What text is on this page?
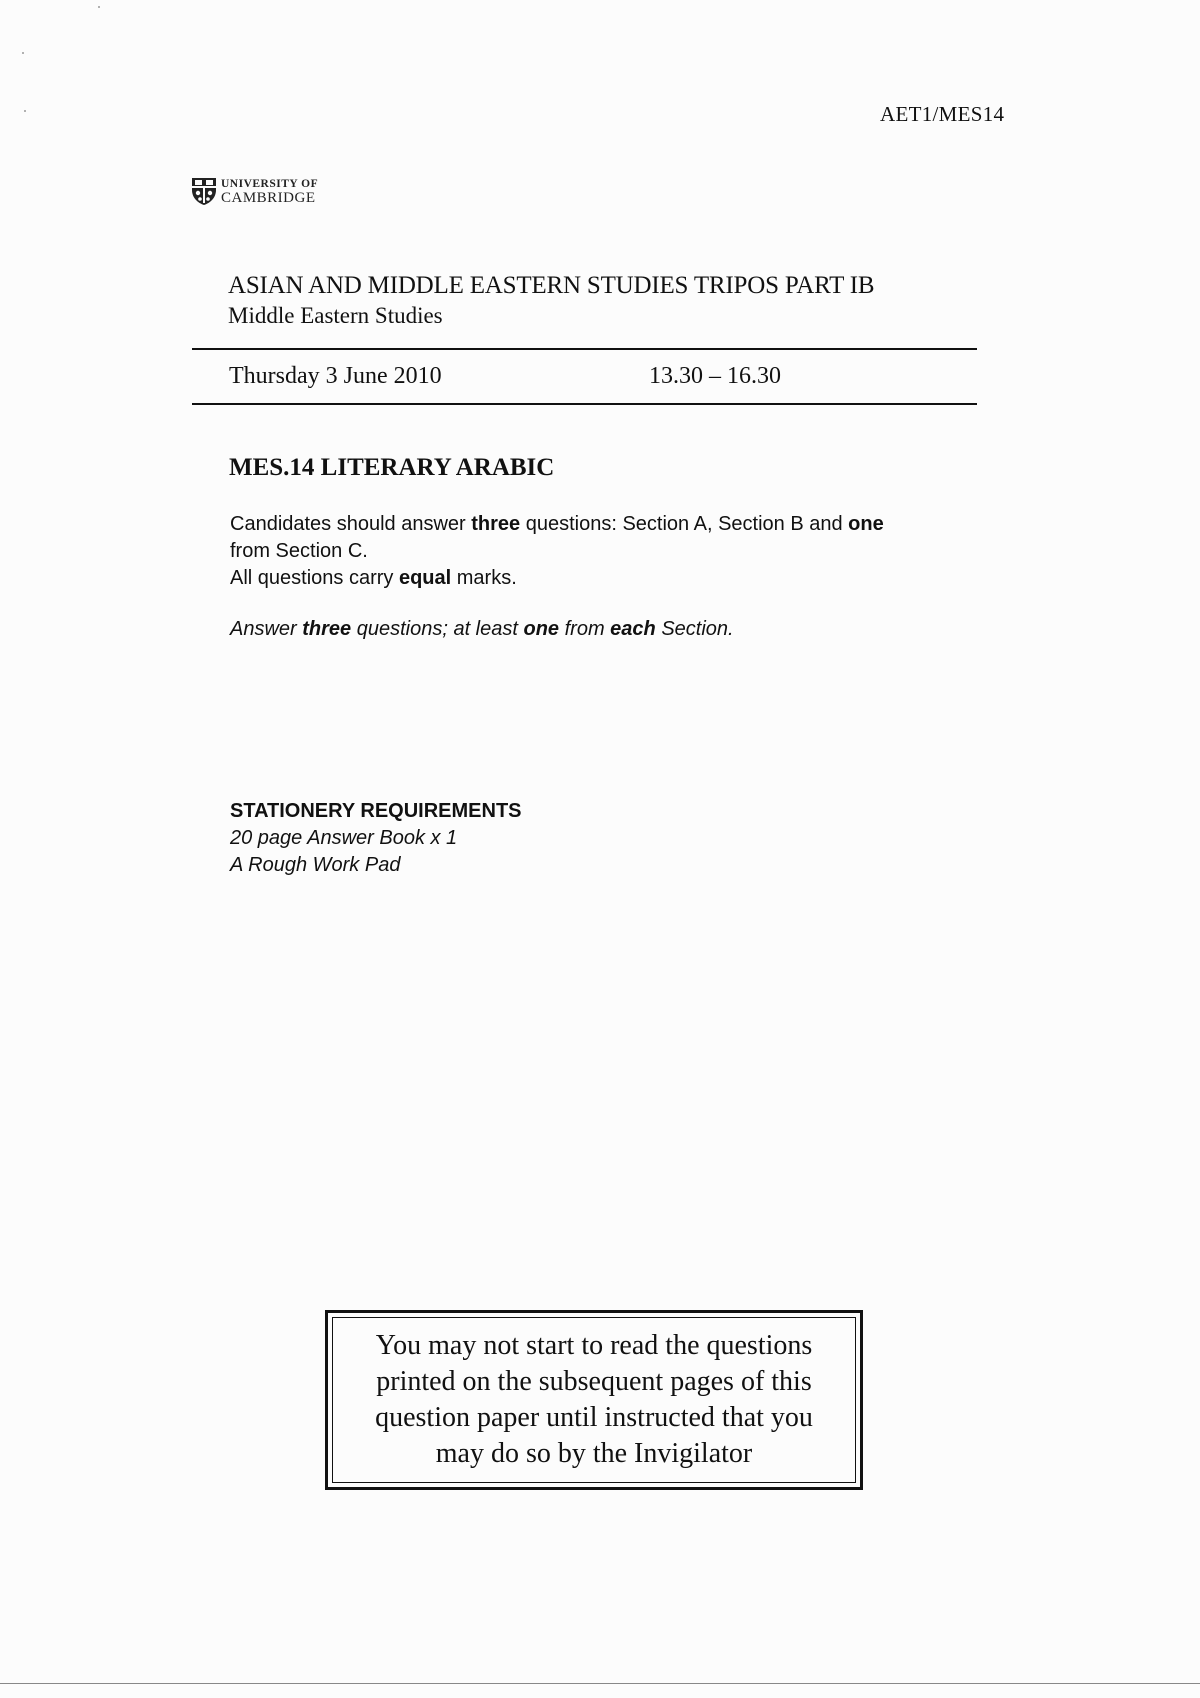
AET1/MES14
UNIVERSITY OF
CAMBRIDGE
ASIAN AND MIDDLE EASTERN STUDIES TRIPOS PART IB
Middle Eastern Studies
Thursday 3 June 2010	13.30 – 16.30
MES.14 LITERARY ARABIC
Candidates should answer three questions: Section A, Section B and one
from Section C.
All questions carry equal marks.
Answer three questions; at least one from each Section.
STATIONERY REQUIREMENTS
20 page Answer Book x 1
A Rough Work Pad
You may not start to read the questions
printed on the subsequent pages of this
question paper until instructed that you
may do so by the Invigilator
